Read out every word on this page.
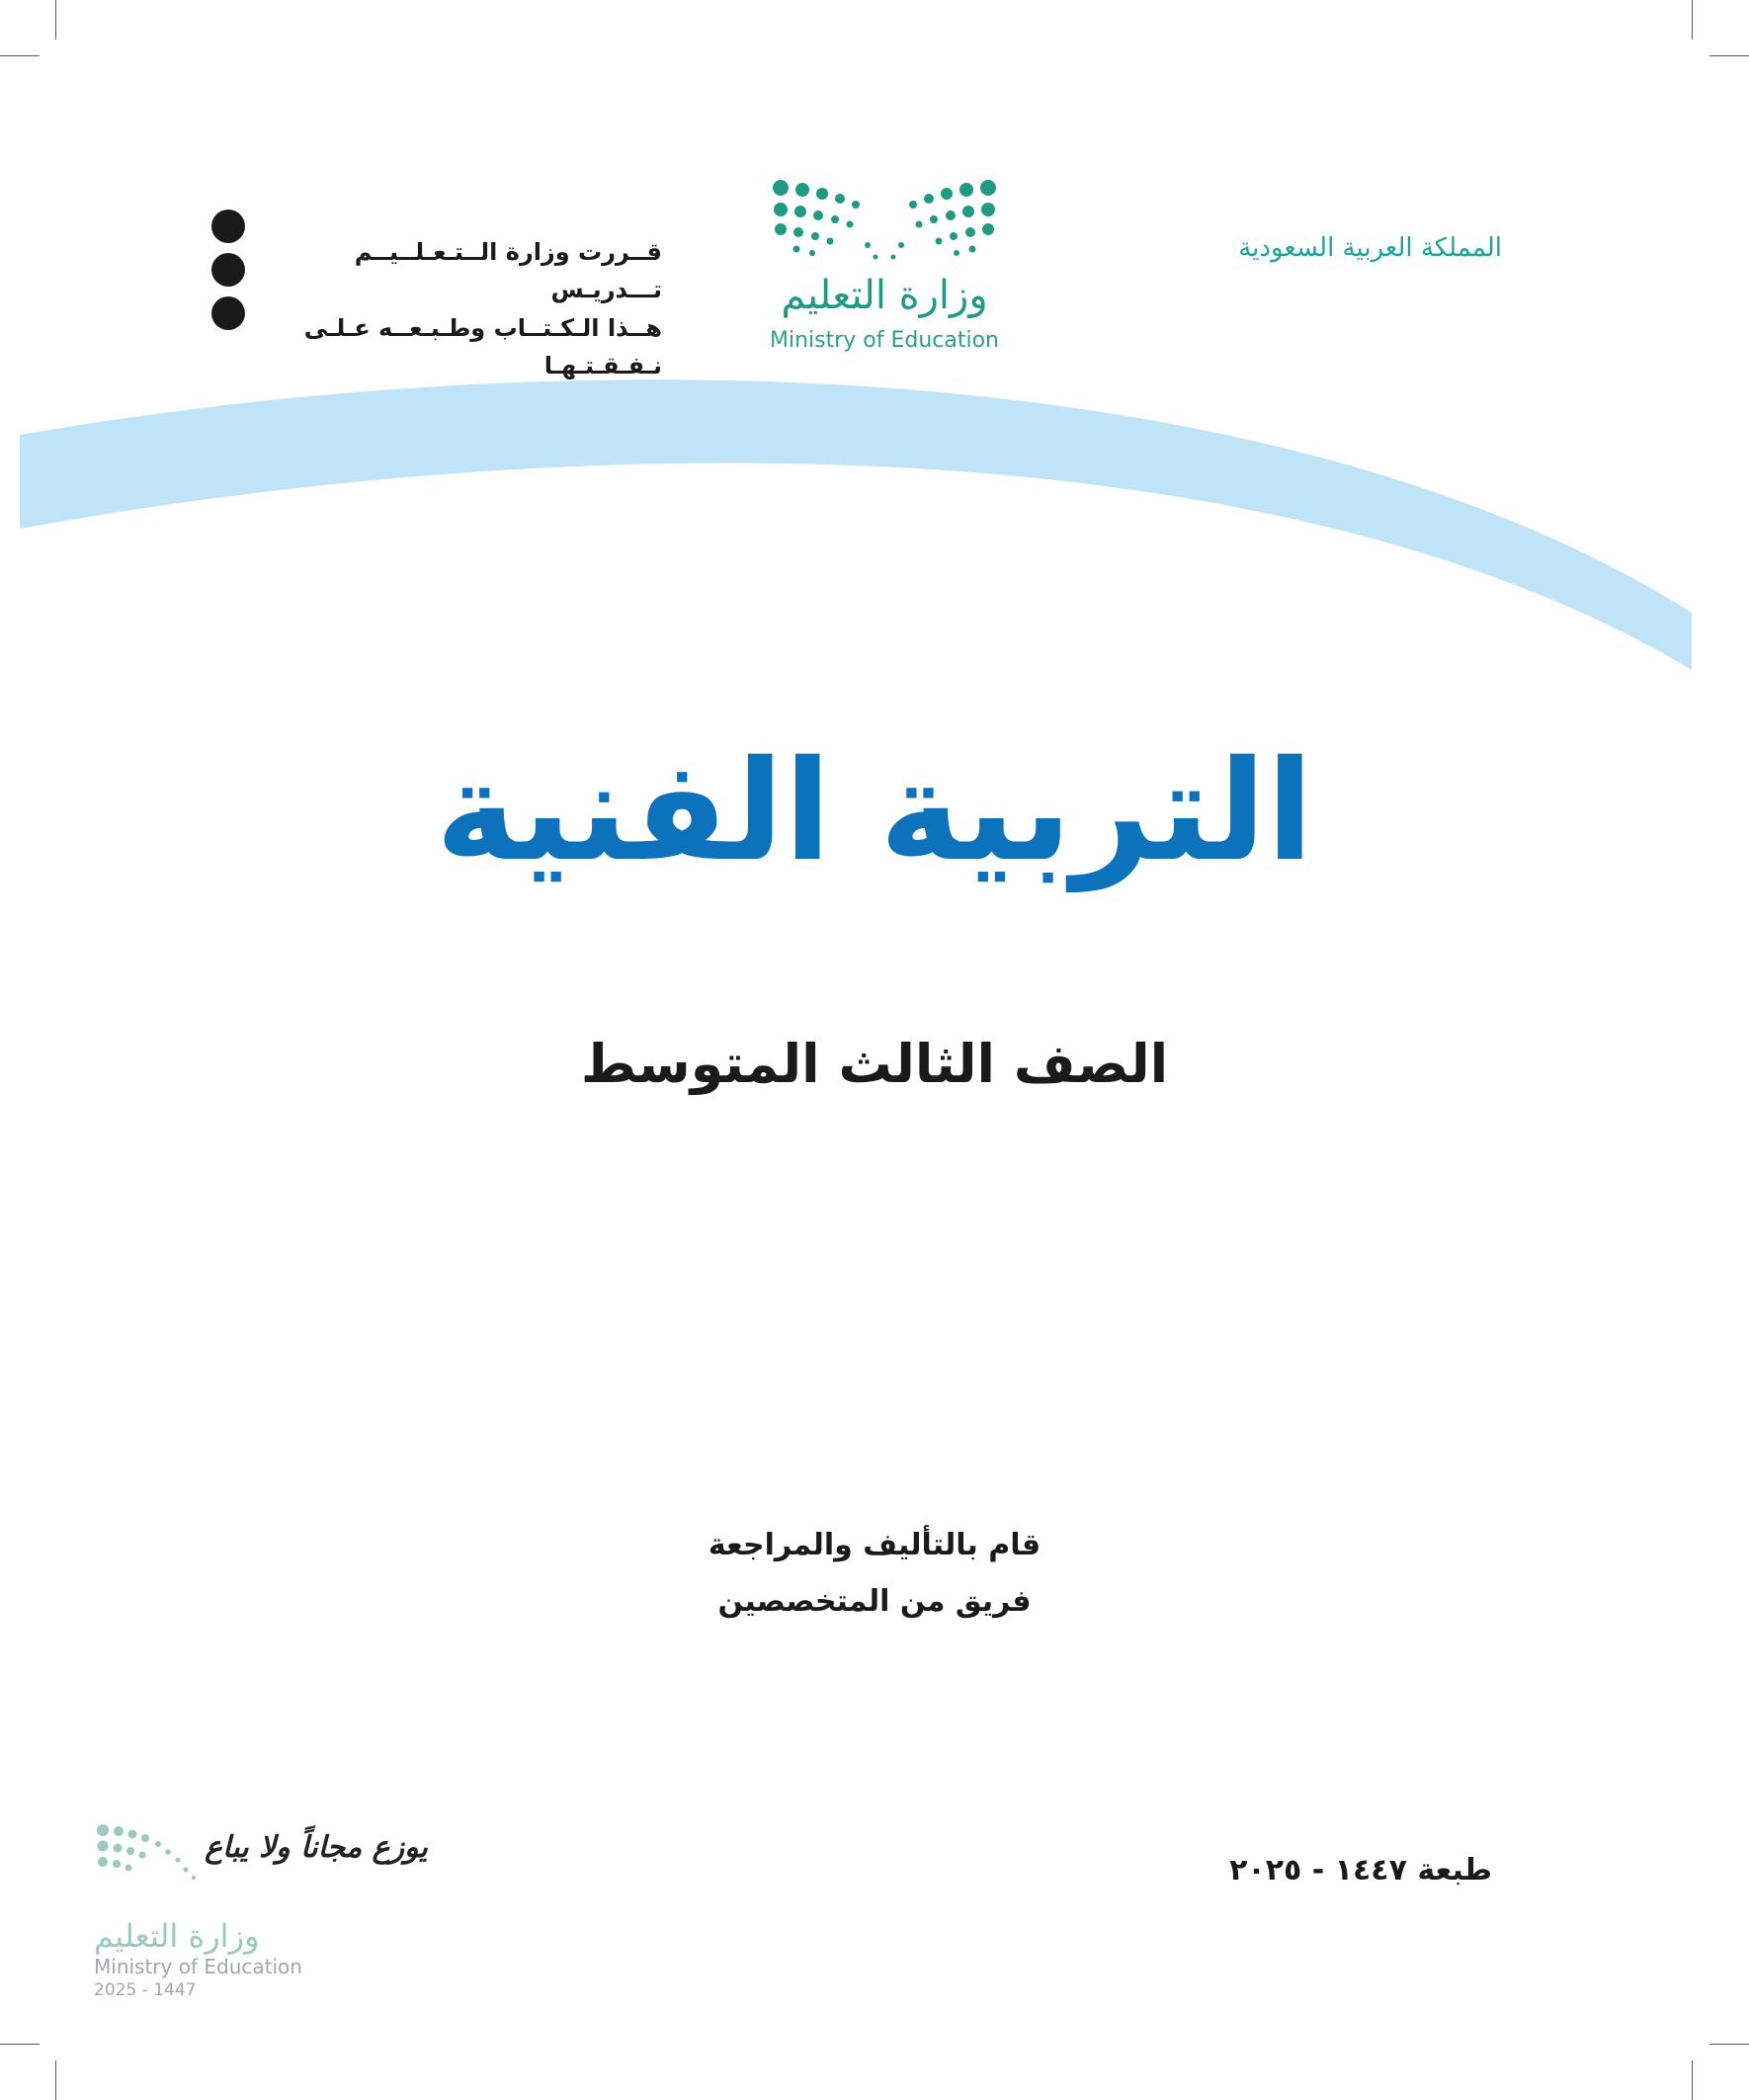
المملكة العربية السعودية
وزارة التعليم
Ministry of Education
قــررت وزارة الــتـعـلــيــم تـــدريـس
هــذا الـكـتــاب وطـبـعــه عـلـى نـفـقـتـهـا
التربية الفنية
الصف الثالث المتوسط
قام بالتأليف والمراجعة
فريق من المتخصصين
طبعة ١٤٤٧ - ٢٠٢٥
يوزع مجاناً ولا يباع
وزارة التعليم
Ministry of Education
2025 - 1447
